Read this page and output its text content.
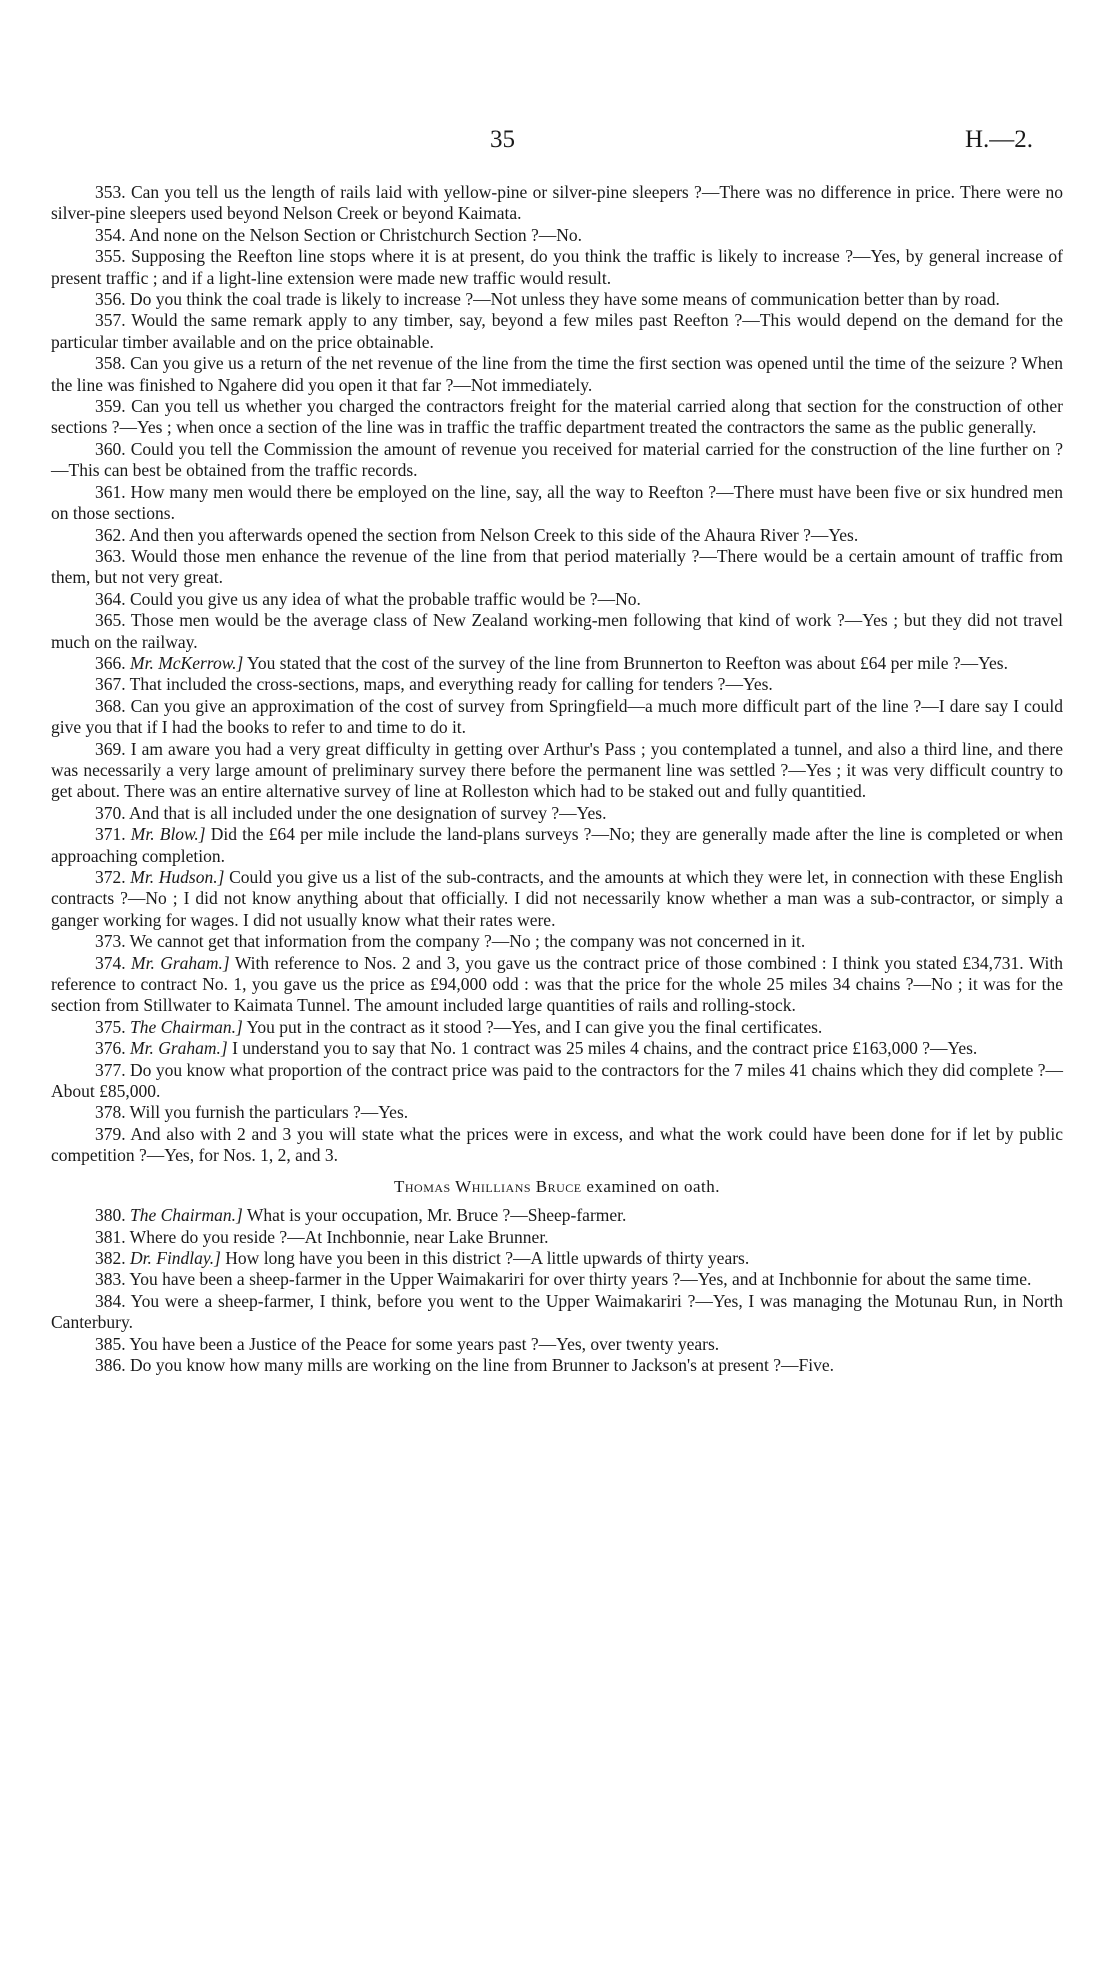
35	H.—2.

353. Can you tell us the length of rails laid with yellow-pine or silver-pine sleepers ?—There was no difference in price. There were no silver-pine sleepers used beyond Nelson Creek or beyond Kaimata.

354. And none on the Nelson Section or Christchurch Section ?—No.

355. Supposing the Reefton line stops where it is at present, do you think the traffic is likely to increase ?—Yes, by general increase of present traffic ; and if a light-line extension were made new traffic would result.

356. Do you think the coal trade is likely to increase ?—Not unless they have some means of communication better than by road.

357. Would the same remark apply to any timber, say, beyond a few miles past Reefton ?—This would depend on the demand for the particular timber available and on the price obtainable.

358. Can you give us a return of the net revenue of the line from the time the first section was opened until the time of the seizure ? When the line was finished to Ngahere did you open it that far ?—Not immediately.

359. Can you tell us whether you charged the contractors freight for the material carried along that section for the construction of other sections ?—Yes ; when once a section of the line was in traffic the traffic department treated the contractors the same as the public generally.

360. Could you tell the Commission the amount of revenue you received for material carried for the construction of the line further on ?—This can best be obtained from the traffic records.

361. How many men would there be employed on the line, say, all the way to Reefton ?—There must have been five or six hundred men on those sections.

362. And then you afterwards opened the section from Nelson Creek to this side of the Ahaura River ?—Yes.

363. Would those men enhance the revenue of the line from that period materially ?—There would be a certain amount of traffic from them, but not very great.

364. Could you give us any idea of what the probable traffic would be ?—No.

365. Those men would be the average class of New Zealand working-men following that kind of work ?—Yes ; but they did not travel much on the railway.

366. Mr. McKerrow.] You stated that the cost of the survey of the line from Brunnerton to Reefton was about £64 per mile ?—Yes.

367. That included the cross-sections, maps, and everything ready for calling for tenders ?—Yes.

368. Can you give an approximation of the cost of survey from Springfield—a much more difficult part of the line ?—I dare say I could give you that if I had the books to refer to and time to do it.

369. I am aware you had a very great difficulty in getting over Arthur's Pass ; you contemplated a tunnel, and also a third line, and there was necessarily a very large amount of preliminary survey there before the permanent line was settled ?—Yes ; it was very difficult country to get about. There was an entire alternative survey of line at Rolleston which had to be staked out and fully quantitied.

370. And that is all included under the one designation of survey ?—Yes.

371. Mr. Blow.] Did the £64 per mile include the land-plans surveys ?—No; they are generally made after the line is completed or when approaching completion.

372. Mr. Hudson.] Could you give us a list of the sub-contracts, and the amounts at which they were let, in connection with these English contracts ?—No ; I did not know anything about that officially. I did not necessarily know whether a man was a sub-contractor, or simply a ganger working for wages. I did not usually know what their rates were.

373. We cannot get that information from the company ?—No ; the company was not concerned in it.

374. Mr. Graham.] With reference to Nos. 2 and 3, you gave us the contract price of those combined : I think you stated £34,731. With reference to contract No. 1, you gave us the price as £94,000 odd : was that the price for the whole 25 miles 34 chains ?—No ; it was for the section from Stillwater to Kaimata Tunnel. The amount included large quantities of rails and rolling-stock.

375. The Chairman.] You put in the contract as it stood ?—Yes, and I can give you the final certificates.

376. Mr. Graham.] I understand you to say that No. 1 contract was 25 miles 4 chains, and the contract price £163,000 ?—Yes.

377. Do you know what proportion of the contract price was paid to the contractors for the 7 miles 41 chains which they did complete ?—About £85,000.

378. Will you furnish the particulars ?—Yes.

379. And also with 2 and 3 you will state what the prices were in excess, and what the work could have been done for if let by public competition ?—Yes, for Nos. 1, 2, and 3.

Thomas Whillians Bruce examined on oath.

380. The Chairman.] What is your occupation, Mr. Bruce ?—Sheep-farmer.

381. Where do you reside ?—At Inchbonnie, near Lake Brunner.

382. Dr. Findlay.] How long have you been in this district ?—A little upwards of thirty years.

383. You have been a sheep-farmer in the Upper Waimakariri for over thirty years ?—Yes, and at Inchbonnie for about the same time.

384. You were a sheep-farmer, I think, before you went to the Upper Waimakariri ?—Yes, I was managing the Motunau Run, in North Canterbury.

385. You have been a Justice of the Peace for some years past ?—Yes, over twenty years.

386. Do you know how many mills are working on the line from Brunner to Jackson's at present ?—Five.
